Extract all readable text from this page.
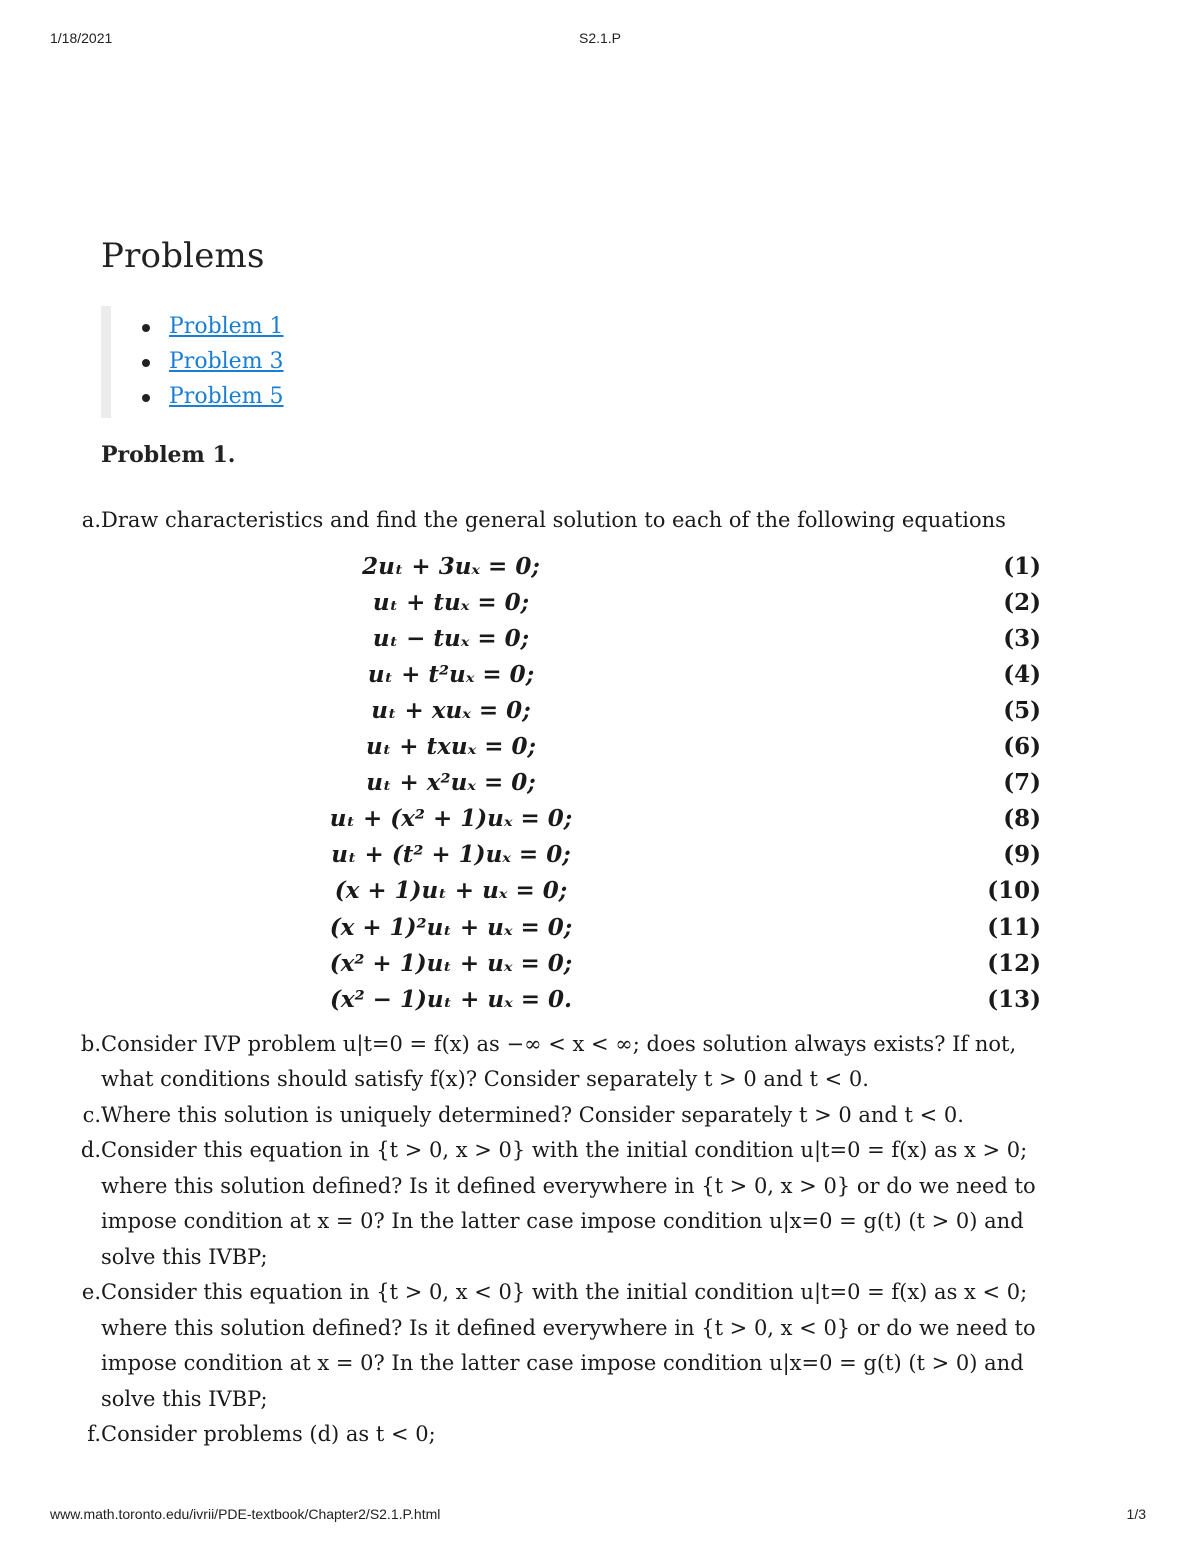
1/18/2021	S2.1.P
Problems
Problem 1
Problem 3
Problem 5
Problem 1.
a. Draw characteristics and find the general solution to each of the following equations
2uₜ + 3uₓ = 0;	(1)
uₜ + tuₓ = 0;	(2)
uₜ − tuₓ = 0;	(3)
uₜ + t²uₓ = 0;	(4)
uₜ + xuₓ = 0;	(5)
uₜ + txuₓ = 0;	(6)
uₜ + x²uₓ = 0;	(7)
uₜ + (x² + 1)uₓ = 0;	(8)
uₜ + (t² + 1)uₓ = 0;	(9)
(x + 1)uₜ + uₓ = 0;	(10)
(x + 1)²uₜ + uₓ = 0;	(11)
(x² + 1)uₜ + uₓ = 0;	(12)
(x² − 1)uₜ + uₓ = 0.	(13)
b. Consider IVP problem u|t=0 = f(x) as −∞ < x < ∞; does solution always exists? If not, what conditions should satisfy f(x)? Consider separately t > 0 and t < 0.
c. Where this solution is uniquely determined? Consider separately t > 0 and t < 0.
d. Consider this equation in {t > 0, x > 0} with the initial condition u|t=0 = f(x) as x > 0; where this solution defined? Is it defined everywhere in {t > 0, x > 0} or do we need to impose condition at x = 0? In the latter case impose condition u|x=0 = g(t) (t > 0) and solve this IVBP;
e. Consider this equation in {t > 0, x < 0} with the initial condition u|t=0 = f(x) as x < 0; where this solution defined? Is it defined everywhere in {t > 0, x < 0} or do we need to impose condition at x = 0? In the latter case impose condition u|x=0 = g(t) (t > 0) and solve this IVBP;
f. Consider problems (d) as t < 0;
www.math.toronto.edu/ivrii/PDE-textbook/Chapter2/S2.1.P.html	1/3
